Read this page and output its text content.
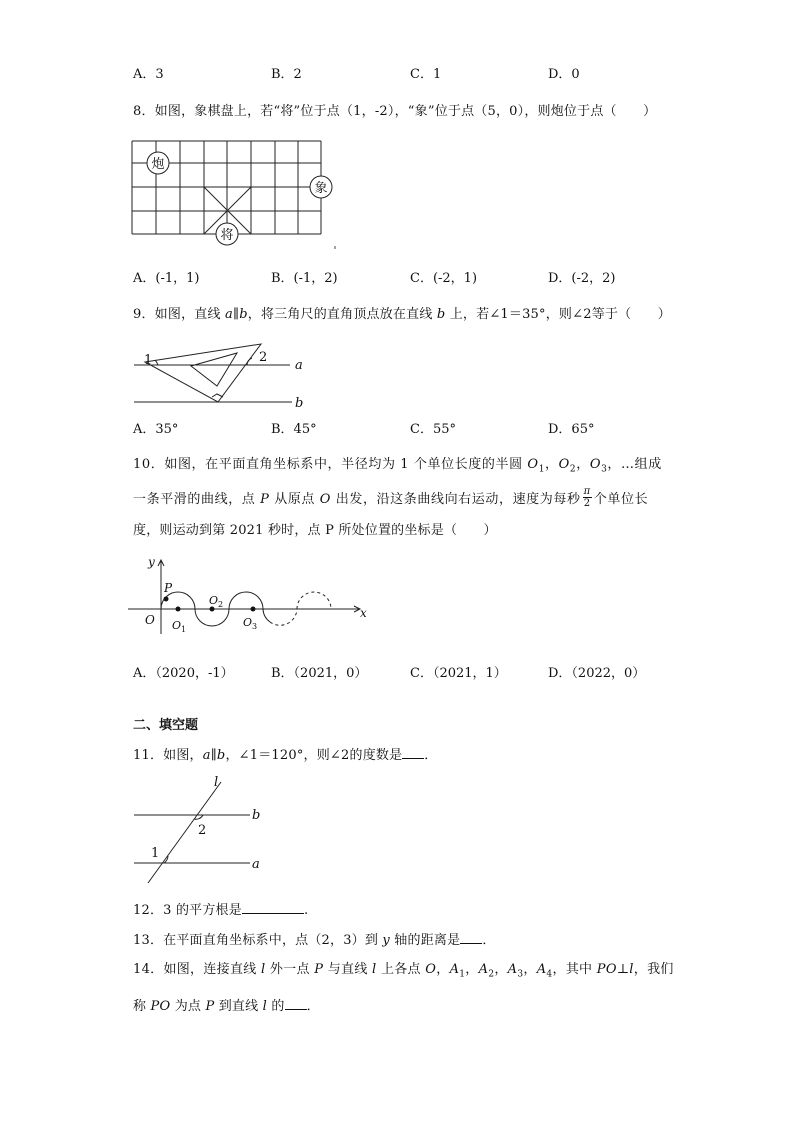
A．3	B．2	C．1	D．0
8．如图，象棋盘上，若“将”位于点（1，-2），“象”位于点（5，0），则炮位于点（　　）
炮
象
将
A．(-1，1)	B．(-1，2)	C．(-2，1)	D．(-2，2)
9．如图，直线 a∥b，将三角尺的直角顶点放在直线 b 上，若∠1＝35°，则∠2等于（　　）
1	2
a
b
A．35°	B．45°	C．55°	D．65°
10．如图，在平面直角坐标系中，半径均为 1 个单位长度的半圆 $O_1$，$O_2$，$O_3$，…组成
一条平滑的曲线，点 P 从原点 O 出发，沿这条曲线向右运动，速度为每秒 $\frac{\pi}{2}$ 个单位长
度，则运动到第 2021 秒时，点 P 所处位置的坐标是（　　）
y
x
O
P
$O_1$
$O_2$
$O_3$
A．（2020，-1）	B．（2021，0）	C．（2021，1）	D．（2022，0）
二、填空题
11．如图，a∥b，∠1＝120°，则∠2的度数是 ．
l
b
a
1
2
12．3 的平方根是	.
13．在平面直角坐标系中，点（2，3）到 y 轴的距离是 ．
14．如图，连接直线 l 外一点 P 与直线 l 上各点 O，$A_1$，$A_2$，$A_3$，$A_4$，其中 PO⊥l，我们
称 PO 为点 P 到直线 l 的 ．
